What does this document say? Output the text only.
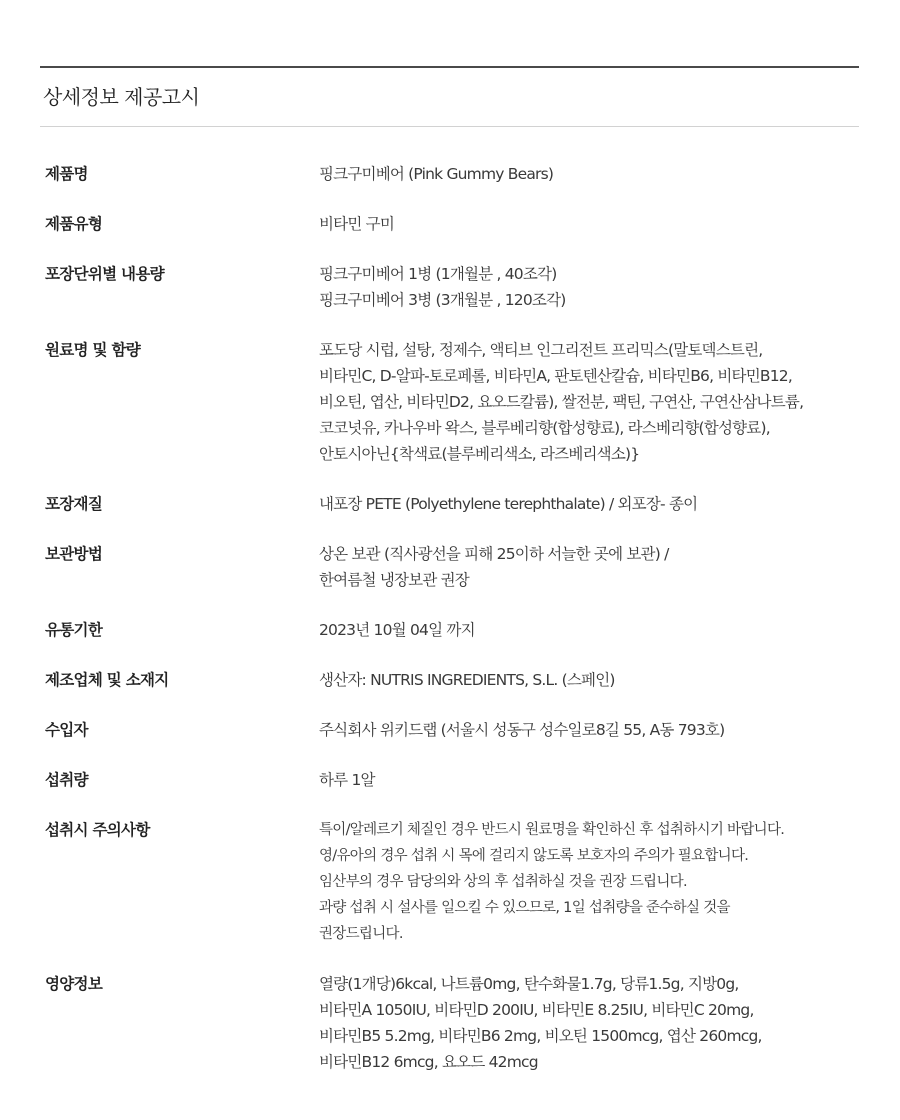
상세정보 제공고시
제품명	핑크구미베어 (Pink Gummy Bears)
제품유형	비타민 구미
포장단위별 내용량	핑크구미베어 1병 (1개월분 , 40조각)
핑크구미베어 3병 (3개월분 , 120조각)
원료명 및 함량	포도당 시럽, 설탕, 정제수, 액티브 인그리전트 프리믹스(말토덱스트린,
비타민C, D-알파-토로페롤, 비타민A, 판토텐산칼슘, 비타민B6, 비타민B12,
비오틴, 엽산, 비타민D2, 요오드칼륨), 쌀전분, 팩틴, 구연산, 구연산삼나트륨,
코코넛유, 카나우바 왁스, 블루베리향(합성향료), 라스베리향(합성향료),
안토시아닌{착색료(블루베리색소, 라즈베리색소)}
포장재질	내포장 PETE (Polyethylene terephthalate) / 외포장- 종이
보관방법	상온 보관 (직사광선을 피해 25이하 서늘한 곳에 보관) /
한여름철 냉장보관 권장
유통기한	2023년 10월 04일 까지
제조업체 및 소재지	생산자: NUTRIS INGREDIENTS, S.L. (스페인)
수입자	주식회사 위키드랩 (서울시 성동구 성수일로8길 55, A동 793호)
섭취량	하루 1알
섭취시 주의사항	특이/알레르기 체질인 경우 반드시 원료명을 확인하신 후 섭취하시기 바랍니다.
영/유아의 경우 섭취 시 목에 걸리지 않도록 보호자의 주의가 필요합니다.
임산부의 경우 담당의와 상의 후 섭취하실 것을 권장 드립니다.
과량 섭취 시 설사를 일으킬 수 있으므로, 1일 섭취량을 준수하실 것을
권장드립니다.
영양정보	열량(1개당)6kcal, 나트륨0mg, 탄수화물1.7g, 당류1.5g, 지방0g,
비타민A 1050IU, 비타민D 200IU, 비타민E 8.25IU, 비타민C 20mg,
비타민B5 5.2mg, 비타민B6 2mg, 비오틴 1500mcg, 엽산 260mcg,
비타민B12 6mcg, 요오드 42mcg
